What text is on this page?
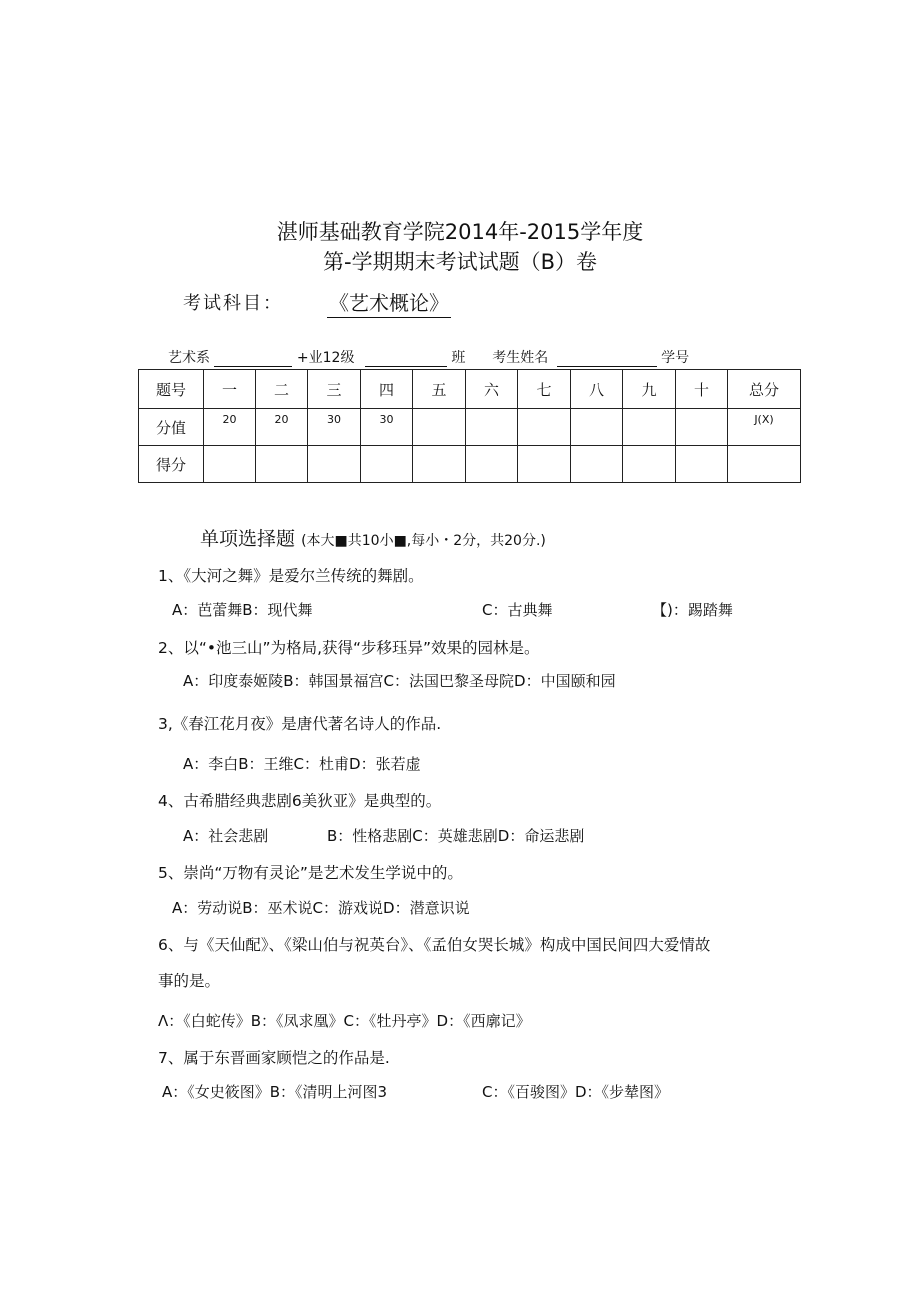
湛师基础教育学院2014年-2015学年度
第-学期期末考试试题（B）卷
考试科目： 《艺术概论》
艺术系	+业12级	班 考生姓名	学号
题号	一	二	三	四	五	六	七	八	九	十	总分
分值	20	20	30	30							J(X)
得分											
单项选择题 (本大■共10小■,每小・2分，共20分.)
1、《大河之舞》是爱尔兰传统的舞剧。
A：芭蕾舞B：现代舞	C：古典舞	【)：踢踏舞
2、以“•池三山”为格局,获得“步移珏异”效果的园林是。
A：印度泰姬陵B：韩国景福宫C：法国巴黎圣母院D：中国颐和园
3,《春江花月夜》是唐代著名诗人的作品.
A：李白B：王维C：杜甫D：张若虚
4、古希腊经典悲剧6美狄亚》是典型的。
A：社会悲剧	B：性格悲剧C：英雄悲剧D：命运悲剧
5、崇尚“万物有灵论”是艺术发生学说中的。
A：劳动说B：巫术说C：游戏说D：潜意识说
6、与《天仙配》、《梁山伯与祝英台》、《孟伯女哭长城》构成中国民间四大爱情故
事的是。
Λ：《白蛇传》B：《凤求凰》C：《牡丹亭》D：《西廓记》
7、属于东晋画家顾恺之的作品是.
A：《女史筱图》B：《清明上河图3	C：《百骏图》D：《步辇图》
